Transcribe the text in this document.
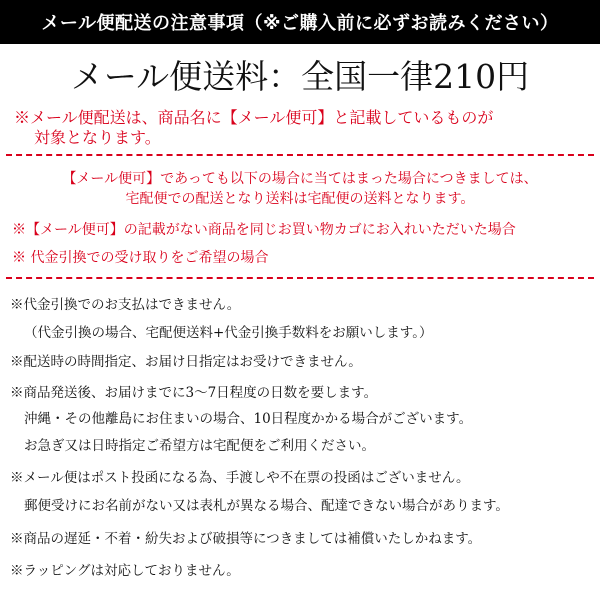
メール便配送の注意事項（※ご購入前に必ずお読みください）
メール便送料：全国一律210円
※メール便配送は、商品名に【メール便可】と記載しているものが
対象となります。
【メール便可】であっても以下の場合に当てはまった場合につきましては、
宅配便での配送となり送料は宅配便の送料となります。
※【メール便可】の記載がない商品を同じお買い物カゴにお入れいただいた場合
※ 代金引換での受け取りをご希望の場合
※代金引換でのお支払はできません。
（代金引換の場合、宅配便送料+代金引換手数料をお願いします。）
※配送時の時間指定、お届け日指定はお受けできません。
※商品発送後、お届けまでに3〜7日程度の日数を要します。
沖縄・その他離島にお住まいの場合、10日程度かかる場合がございます。
お急ぎ又は日時指定ご希望方は宅配便をご利用ください。
※メール便はポスト投函になる為、手渡しや不在票の投函はございません。
郵便受けにお名前がない又は表札が異なる場合、配達できない場合があります。
※商品の遅延・不着・紛失および破損等につきましては補償いたしかねます。
※ラッピングは対応しておりません。
